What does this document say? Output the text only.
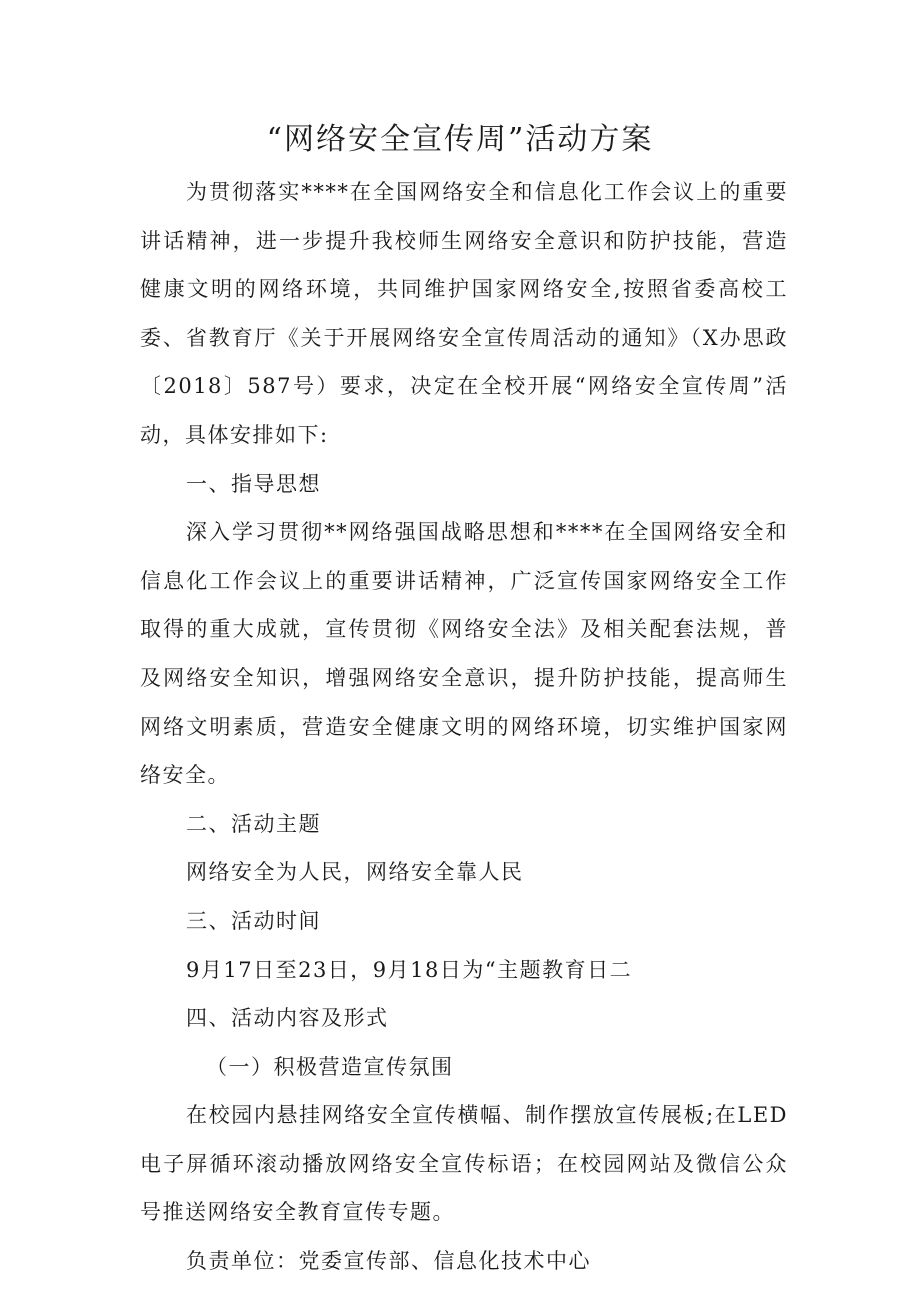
“网络安全宣传周”活动方案

为贯彻落实****在全国网络安全和信息化工作会议上的重要讲话精神，进一步提升我校师生网络安全意识和防护技能，营造健康文明的网络环境，共同维护国家网络安全,按照省委高校工委、省教育厅《关于开展网络安全宣传周活动的通知》（X办思政〔2018〕587号）要求，决定在全校开展“网络安全宣传周”活动，具体安排如下:

一、指导思想

深入学习贯彻**网络强国战略思想和****在全国网络安全和信息化工作会议上的重要讲话精神，广泛宣传国家网络安全工作取得的重大成就，宣传贯彻《网络安全法》及相关配套法规，普及网络安全知识，增强网络安全意识，提升防护技能，提高师生网络文明素质，营造安全健康文明的网络环境，切实维护国家网络安全。

二、活动主题

网络安全为人民，网络安全靠人民

三、活动时间

9月17日至23日，9月18日为“主题教育日二

四、活动内容及形式

（一）积极营造宣传氛围

在校园内悬挂网络安全宣传横幅、制作摆放宣传展板;在LED电子屏循环滚动播放网络安全宣传标语；在校园网站及微信公众号推送网络安全教育宣传专题。

负责单位：党委宣传部、信息化技术中心
